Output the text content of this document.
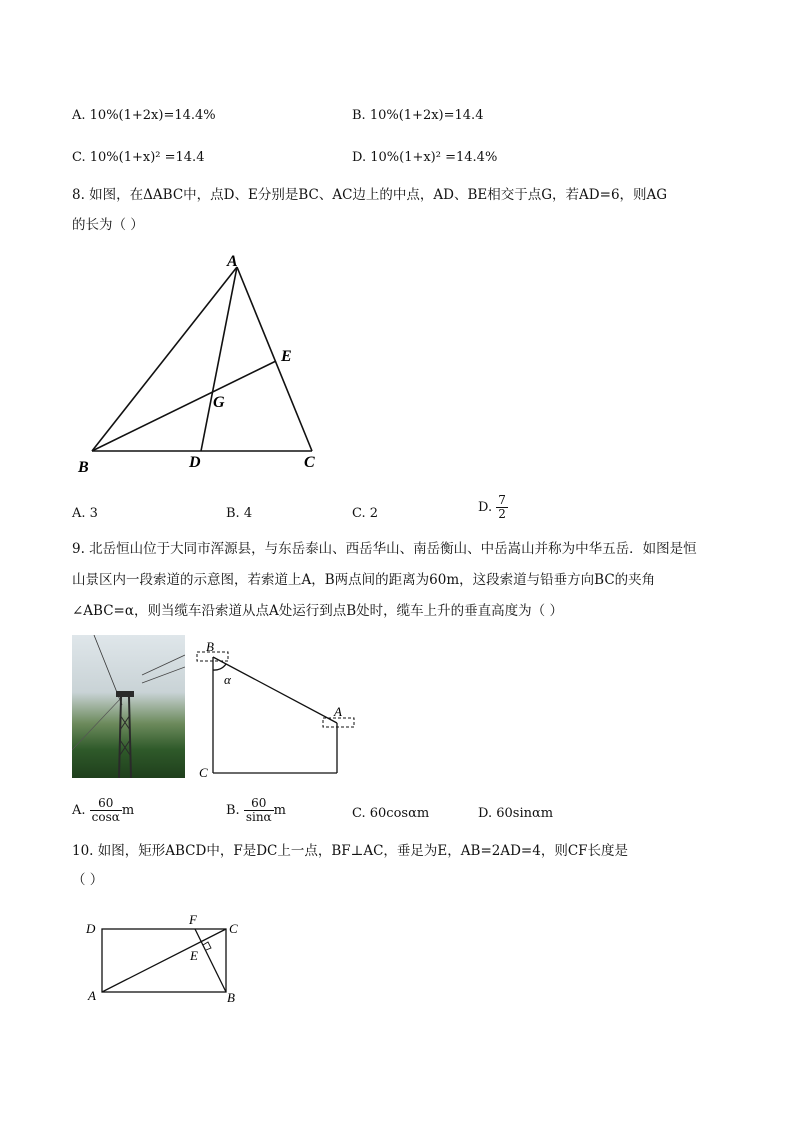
A. 10%(1+2x)=14.4%	B. 10%(1+2x)=14.4
C. 10%(1+x)² =14.4	D. 10%(1+x)² =14.4%
8. 如图，在ΔABC中，点D、E分别是BC、AC边上的中点，AD、BE相交于点G，若AD=6，则AG
的长为（ ）
A
B	C
D
E
G
A. 3	B. 4	C. 2	D. $\frac{7}{2}$
9. 北岳恒山位于大同市浑源县，与东岳泰山、西岳华山、南岳衡山、中岳嵩山并称为中华五岳．如图是恒
山景区内一段索道的示意图，若索道上A，B两点间的距离为60m，这段索道与铅垂方向BC的夹角
∠ABC=α，则当缆车沿索道从点A处运行到点B处时，缆车上升的垂直高度为（ ）
B
A
C
α
A. $\frac{60}{\cos\alpha}$ m	B. $\frac{60}{\sin\alpha}$ m	C. 60cosαm	D. 60sinαm
10. 如图，矩形ABCD中，F是DC上一点，BF⊥AC，垂足为E，AB=2AD=4，则CF长度是
（ ）
D	C
F
E
A	B
